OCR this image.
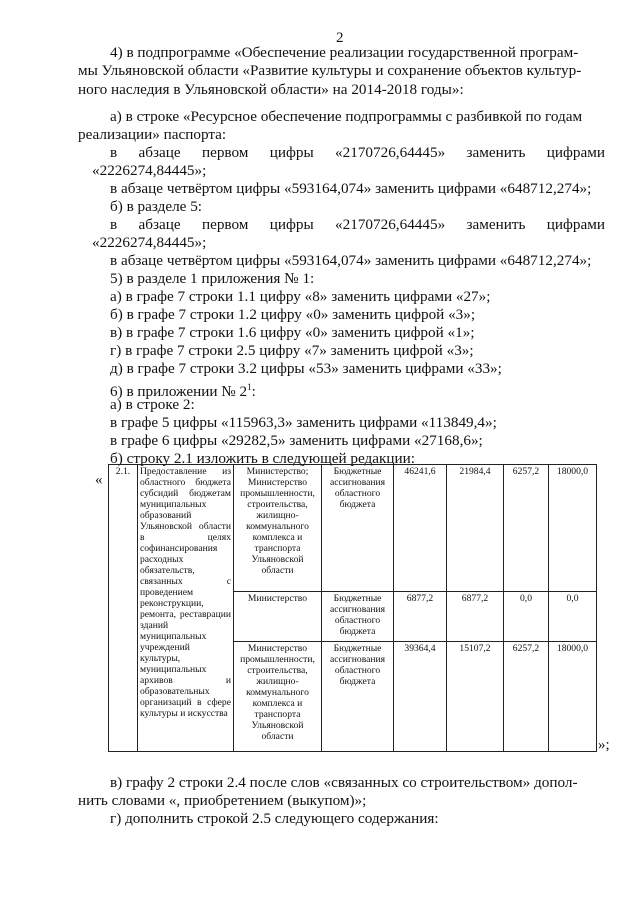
2
4) в подпрограмме «Обеспечение реализации государственной програм-
мы Ульяновской области «Развитие культуры и сохранение объектов культур-
ного наследия в Ульяновской области» на 2014-2018 годы»:
а) в строке «Ресурсное обеспечение подпрограммы с разбивкой по годам
реализации» паспорта:
в абзаце первом цифры «2170726,64445» заменить цифрами
«2226274,84445»;
в абзаце четвёртом цифры «593164,074» заменить цифрами «648712,274»;
б) в разделе 5:
в абзаце первом цифры «2170726,64445» заменить цифрами
«2226274,84445»;
в абзаце четвёртом цифры «593164,074» заменить цифрами «648712,274»;
5) в разделе 1 приложения № 1:
а) в графе 7 строки 1.1 цифру «8» заменить цифрами «27»;
б) в графе 7 строки 1.2 цифру «0» заменить цифрой «3»;
в) в графе 7 строки 1.6 цифру «0» заменить цифрой «1»;
г) в графе 7 строки 2.5 цифру «7» заменить цифрой «3»;
д) в графе 7 строки 3.2 цифры «53» заменить цифрами «33»;
6) в приложении № $2^1$:
а) в строке 2:
в графе 5 цифры «115963,3» заменить цифрами «113849,4»;
в графе 6 цифры «29282,5» заменить цифрами «27168,6»;
б) строку 2.1 изложить в следующей редакции:
«
2.1.	Предоставление из областного бюджета субсидий бюджетам муниципальных образований Ульяновской области в целях софинансирования расходных обязательств, связанных с проведением реконструкции, ремонта, реставрации зданий муниципальных учреждений культуры, муниципальных архивов и образовательных организаций в сфере культуры и искусства	Министерство; Министерство промышленности, строительства, жилищно-коммунального комплекса и транспорта Ульяновской области	Бюджетные ассигнования областного бюджета	46241,6	21984,4	6257,2	18000,0
		Министерство	Бюджетные ассигнования областного бюджета	6877,2	6877,2	0,0	0,0
		Министерство промышленности, строительства, жилищно-коммунального комплекса и транспорта Ульяновской области	Бюджетные ассигнования областного бюджета	39364,4	15107,2	6257,2	18000,0
»;
в) графу 2 строки 2.4 после слов «связанных со строительством» допол-
нить словами «, приобретением (выкупом)»;
г) дополнить строкой 2.5 следующего содержания:
